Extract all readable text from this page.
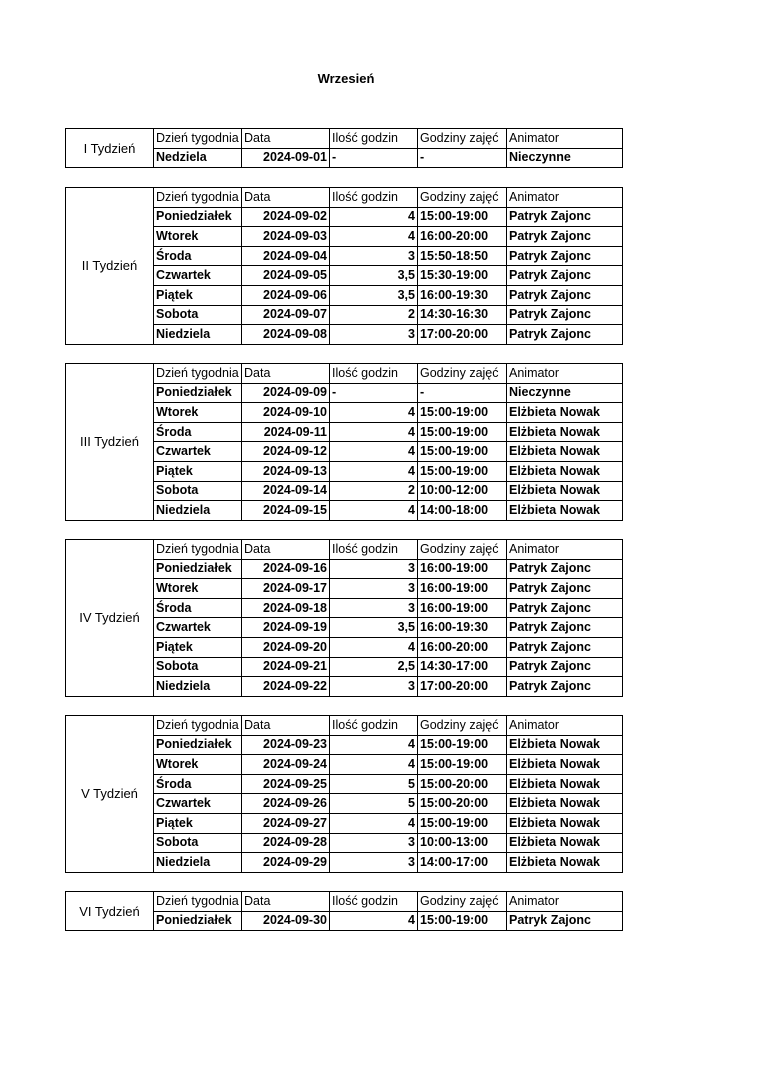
Wrzesień
I Tydzień	Dzień tygodnia	Data	Ilość godzin	Godziny zajęć	Animator
	Nedziela	2024-09-01	-	-	Nieczynne
II Tydzień	Dzień tygodnia	Data	Ilość godzin	Godziny zajęć	Animator
	Poniedziałek	2024-09-02	4	15:00-19:00	Patryk Zajonc
	Wtorek	2024-09-03	4	16:00-20:00	Patryk Zajonc
	Środa	2024-09-04	3	15:50-18:50	Patryk Zajonc
	Czwartek	2024-09-05	3,5	15:30-19:00	Patryk Zajonc
	Piątek	2024-09-06	3,5	16:00-19:30	Patryk Zajonc
	Sobota	2024-09-07	2	14:30-16:30	Patryk Zajonc
	Niedziela	2024-09-08	3	17:00-20:00	Patryk Zajonc
III Tydzień	Dzień tygodnia	Data	Ilość godzin	Godziny zajęć	Animator
	Poniedziałek	2024-09-09	-	-	Nieczynne
	Wtorek	2024-09-10	4	15:00-19:00	Elżbieta Nowak
	Środa	2024-09-11	4	15:00-19:00	Elżbieta Nowak
	Czwartek	2024-09-12	4	15:00-19:00	Elżbieta Nowak
	Piątek	2024-09-13	4	15:00-19:00	Elżbieta Nowak
	Sobota	2024-09-14	2	10:00-12:00	Elżbieta Nowak
	Niedziela	2024-09-15	4	14:00-18:00	Elżbieta Nowak
IV Tydzień	Dzień tygodnia	Data	Ilość godzin	Godziny zajęć	Animator
	Poniedziałek	2024-09-16	3	16:00-19:00	Patryk Zajonc
	Wtorek	2024-09-17	3	16:00-19:00	Patryk Zajonc
	Środa	2024-09-18	3	16:00-19:00	Patryk Zajonc
	Czwartek	2024-09-19	3,5	16:00-19:30	Patryk Zajonc
	Piątek	2024-09-20	4	16:00-20:00	Patryk Zajonc
	Sobota	2024-09-21	2,5	14:30-17:00	Patryk Zajonc
	Niedziela	2024-09-22	3	17:00-20:00	Patryk Zajonc
V Tydzień	Dzień tygodnia	Data	Ilość godzin	Godziny zajęć	Animator
	Poniedziałek	2024-09-23	4	15:00-19:00	Elżbieta Nowak
	Wtorek	2024-09-24	4	15:00-19:00	Elżbieta Nowak
	Środa	2024-09-25	5	15:00-20:00	Elżbieta Nowak
	Czwartek	2024-09-26	5	15:00-20:00	Elżbieta Nowak
	Piątek	2024-09-27	4	15:00-19:00	Elżbieta Nowak
	Sobota	2024-09-28	3	10:00-13:00	Elżbieta Nowak
	Niedziela	2024-09-29	3	14:00-17:00	Elżbieta Nowak
VI Tydzień	Dzień tygodnia	Data	Ilość godzin	Godziny zajęć	Animator
	Poniedziałek	2024-09-30	4	15:00-19:00	Patryk Zajonc
